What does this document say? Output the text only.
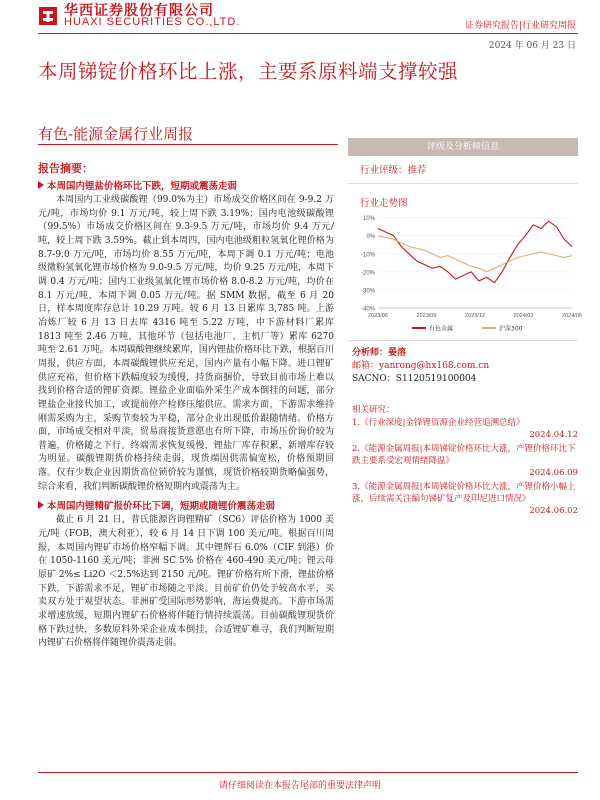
华西证券股份有限公司
HUAXI SECURITIES CO.,LTD.	证券研究报告|行业研究周报
2024 年 06 月 23 日
本周锑锭价格环比上涨，主要系原料端支撑较强
有色-能源金属行业周报
报告摘要：
本周国内锂盐价格环比下跌，短期或震荡走弱

本周国内工业级碳酸锂（99.0%为主）市场成交价格区间在 9-9.2 万元/吨，市场均价 9.1 万元/吨，较上周下跌 3.19%；国内电池级碳酸锂（99.5%）市场成交价格区间在 9.3-9.5 万元/吨，市场均价 9.4 万元/吨，较上周下跌 3.59%。截止到本周四，国内电池级粗粒氢氧化锂价格为 8.7-9.0 万元/吨，市场均价 8.55 万元/吨，本周下调 0.1 万元/吨；电池级微粉氢氧化锂市场价格为 9.0-9.5 万元/吨，均价 9.25 万元/吨，本周下调 0.4 万元/吨；国内工业级氢氧化锂市场价格 8.0-8.2 万元/吨，均价在 8.1 万元/吨，本周下调 0.05 万元/吨。据 SMM 数据，截至 6 月 20 日，样本周度库存总计 10.29 万吨。较 6 月 13 日累库 3,785 吨。上游冶炼厂较 6 月 13 日去库 4316 吨至 5.22 万吨，中下游材料厂累库 1813 吨至 2.46 万吨，其他环节（包括电池厂、主机厂等）累库 6270 吨至 2.61 万吨。本周碳酸锂继续累库，国内锂盐价格环比下跌，根据百川周报，供应方面，本周碳酸锂供应充足，国内产量有小幅下降。进口锂矿供应充裕，但价格下跌幅度较为缓慢，持货商捆价，导致目前市场上难以找到价格合适的锂矿资源。锂盐企业面临外采生产成本倒挂的问题，部分锂盐企业接代加工，或提前停产检修压缩供应。需求方面，下游需求维持刚需采购为主，采购节奏较为平稳，部分企业出现低价跟随情绪。价格方面，市场成交相对平淡，贸易商接货意愿也有所下降，市场压价询价较为普遍，价格随之下行。终端需求恢复缓慢，锂盐厂库存积累，新增库存较为明显。碳酸锂期货价格持续走弱，现货端因供需偏宽松，价格预期回落。仅有少数企业因期货高位锁价较为谨慎，现货价格较期货略偏强势，综合来看，我们判断碳酸锂价格短期内或震荡为主。

本周国内锂精矿报价环比下调，短期或随锂价震荡走弱

截止 6 月 21 日，普氏能源咨询锂精矿（SC6）评估价格为 1000 美元/吨（FOB，澳大利亚），较 6 月 14 日下调 100 美元/吨。根据百川周报，本周国内锂矿市场价格窄幅下调。其中锂辉石 6.0%（CIF 到港）价在 1050-1160 美元/吨；非洲 SC 5% 价格在 460-490 美元/吨；锂云母原矿 2%≤ Li2O ＜2.5%达到 2150 元/吨。锂矿价格有所下滑，锂盐价格下跌，下游需求不足，锂矿市场随之平淡。目前矿价仍处于较高水平，买卖双方处于观望状态。非洲矿受国际形势影响，海运费提高。下游市场需求增速放缓，短期内锂矿石价格将伴随行情持续震荡。目前碳酸锂现货价格下跌过快，多数原料外采企业成本倒挂，合适锂矿难寻，我们判断短期内锂矿石价格将伴随锂价震荡走弱。

评级及分析师信息
行业评级：推荐
行业走势图
10%
0%
-10%
-20%
-30%
-40%
2023/06	2023/09	2023/12	2024/03	2024/06
有色金属	沪深300
分析师：晏溶
邮箱：yanrong@hx168.com.cn
SACNO：S1120519100004
相关研究：
1.《行业深度|金锋锂资源企业经营追溯总结》
2024.04.12
2.《能源金属周报|本周锑锭价格环比大涨，产锂价格环比下跌主要系受宏观情绪降温》
2024.06.09
3.《能源金属周报|本周锑锭价格环比大涨，产锂价格小幅上涨，后续需关注编句锑矿复产及印尼进口情况》
2024.06.02
请仔细阅读在本报告尾部的重要法律声明
